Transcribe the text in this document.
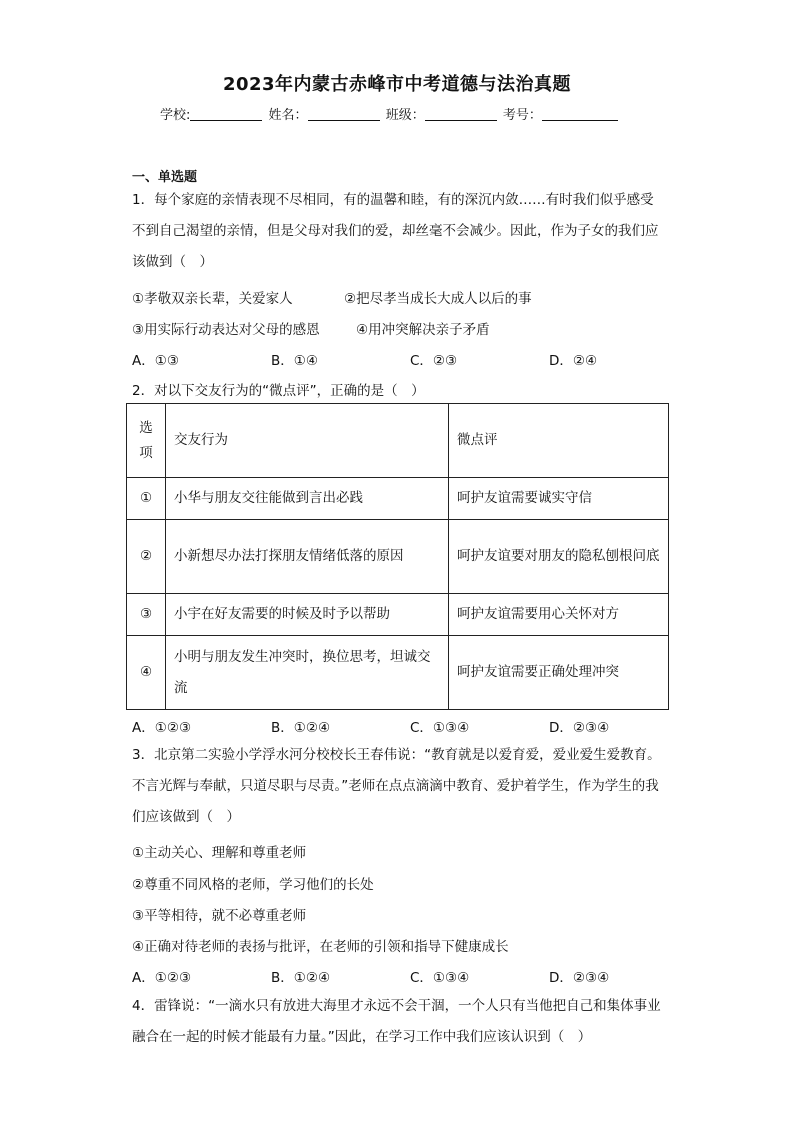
2023年内蒙古赤峰市中考道德与法治真题
学校:	姓名：	班级：	考号：
一、单选题
1．每个家庭的亲情表现不尽相同，有的温馨和睦，有的深沉内敛……有时我们似乎感受不到自己渴望的亲情，但是父母对我们的爱，却丝毫不会减少。因此，作为子女的我们应该做到（　）
①孝敬双亲长辈，关爱家人	②把尽孝当成长大成人以后的事
③用实际行动表达对父母的感恩	④用冲突解决亲子矛盾
A．①③	B．①④	C．②③	D．②④
2．对以下交友行为的“微点评”，正确的是（　）
选项	交友行为	微点评
①	小华与朋友交往能做到言出必践	呵护友谊需要诚实守信
②	小新想尽办法打探朋友情绪低落的原因	呵护友谊要对朋友的隐私刨根问底
③	小宇在好友需要的时候及时予以帮助	呵护友谊需要用心关怀对方
④	小明与朋友发生冲突时，换位思考，坦诚交流	呵护友谊需要正确处理冲突
A．①②③	B．①②④	C．①③④	D．②③④
3．北京第二实验小学浮水河分校校长王春伟说：“教育就是以爱育爱，爱业爱生爱教育。不言光辉与奉献，只道尽职与尽责。”老师在点点滴滴中教育、爱护着学生，作为学生的我们应该做到（　）
①主动关心、理解和尊重老师
②尊重不同风格的老师，学习他们的长处
③平等相待，就不必尊重老师
④正确对待老师的表扬与批评，在老师的引领和指导下健康成长
A．①②③	B．①②④	C．①③④	D．②③④
4．雷锋说：“一滴水只有放进大海里才永远不会干涸，一个人只有当他把自己和集体事业融合在一起的时候才能最有力量。”因此，在学习工作中我们应该认识到（　）
